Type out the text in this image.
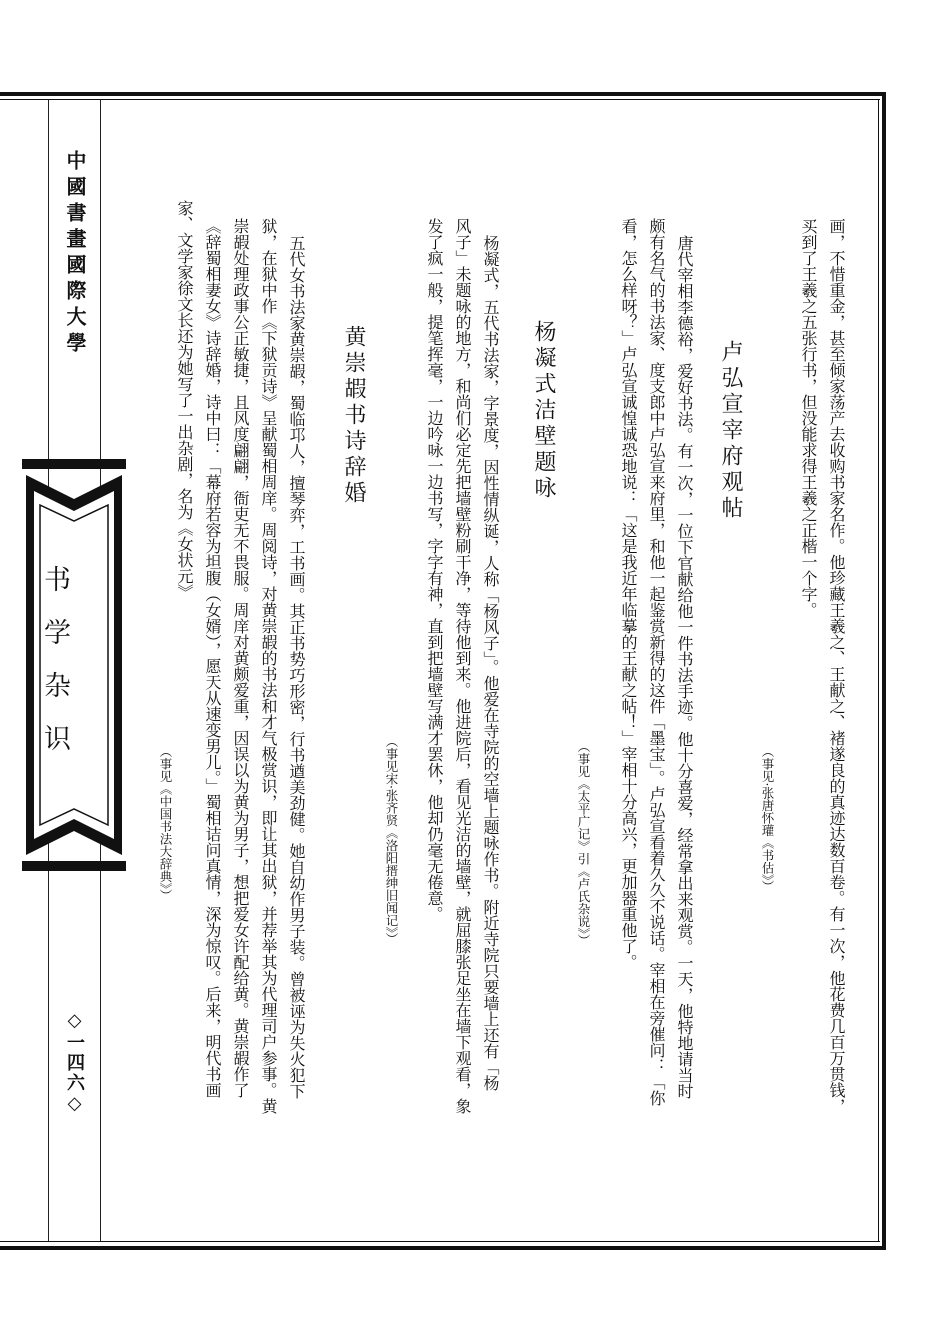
中國書畫國際大學
书学杂识
◇一四六◇	画，不惜重金，甚至倾家荡产去收购书家名作。他珍藏王羲之、王献之、褚遂良的真迹达数百卷。有一次，他花费几百万贯钱，
买到了王羲之五张行书，但没能求得王羲之正楷一个字。
（事见·张唐怀瓘《书估》）
卢弘宣宰府观帖
唐代宰相李德裕，爱好书法。有一次，一位下官献给他一件书法手迹。他十分喜爱，经常拿出来观赏。一天，他特地请当时
颇有名气的书法家、度支郎中卢弘宣来府里，和他一起鉴赏新得的这件「墨宝」。卢弘宣看着久久不说话。宰相在旁催问：「你
看，怎么样呀？」卢弘宣诚惶诚恐地说：「这是我近年临摹的王献之帖！」宰相十分高兴，更加器重他了。
（事见《太平广记》引《卢氏杂说》）
杨凝式洁壁题咏
杨凝式，五代书法家，字景度，因性情纵诞，人称「杨风子」。他爱在寺院的空墙上题咏作书。附近寺院只要墙上还有「杨
风子」未题咏的地方，和尚们必定先把墙壁粉刷干净，等待他到来。他进院后，看见光洁的墙壁，就屈膝张足坐在墙下观看，象
发了疯一般，提笔挥毫，一边吟咏一边书写，字字有神，直到把墙壁写满才罢休，他却仍毫无倦意。
（事见宋·张齐贤《洛阳搢绅旧闻记》）
黄崇嘏书诗辞婚
五代女书法家黄崇嘏，蜀临邛人，擅琴弈，工书画。其正书势巧形密，行书遒美劲健。她自幼作男子装。曾被诬为失火犯下
狱，在狱中作《下狱贡诗》呈献蜀相周庠。周阅诗，对黄崇嘏的书法和才气极赏识，即让其出狱，并荐举其为代理司户参事。黄
崇嘏处理政事公正敏捷，且风度翩翩，衙吏无不畏服。周庠对黄颇爱重，因误以为黄为男子，想把爱女许配给黄。黄崇嘏作了
《辞蜀相妻女》诗辞婚，诗中曰：「幕府若容为坦腹（女婿），愿天从速变男儿。」蜀相诘问真情，深为惊叹。后来，明代书画
家、文学家徐文长还为她写了一出杂剧，名为《女状元》
（事见《中国书法大辞典》）
